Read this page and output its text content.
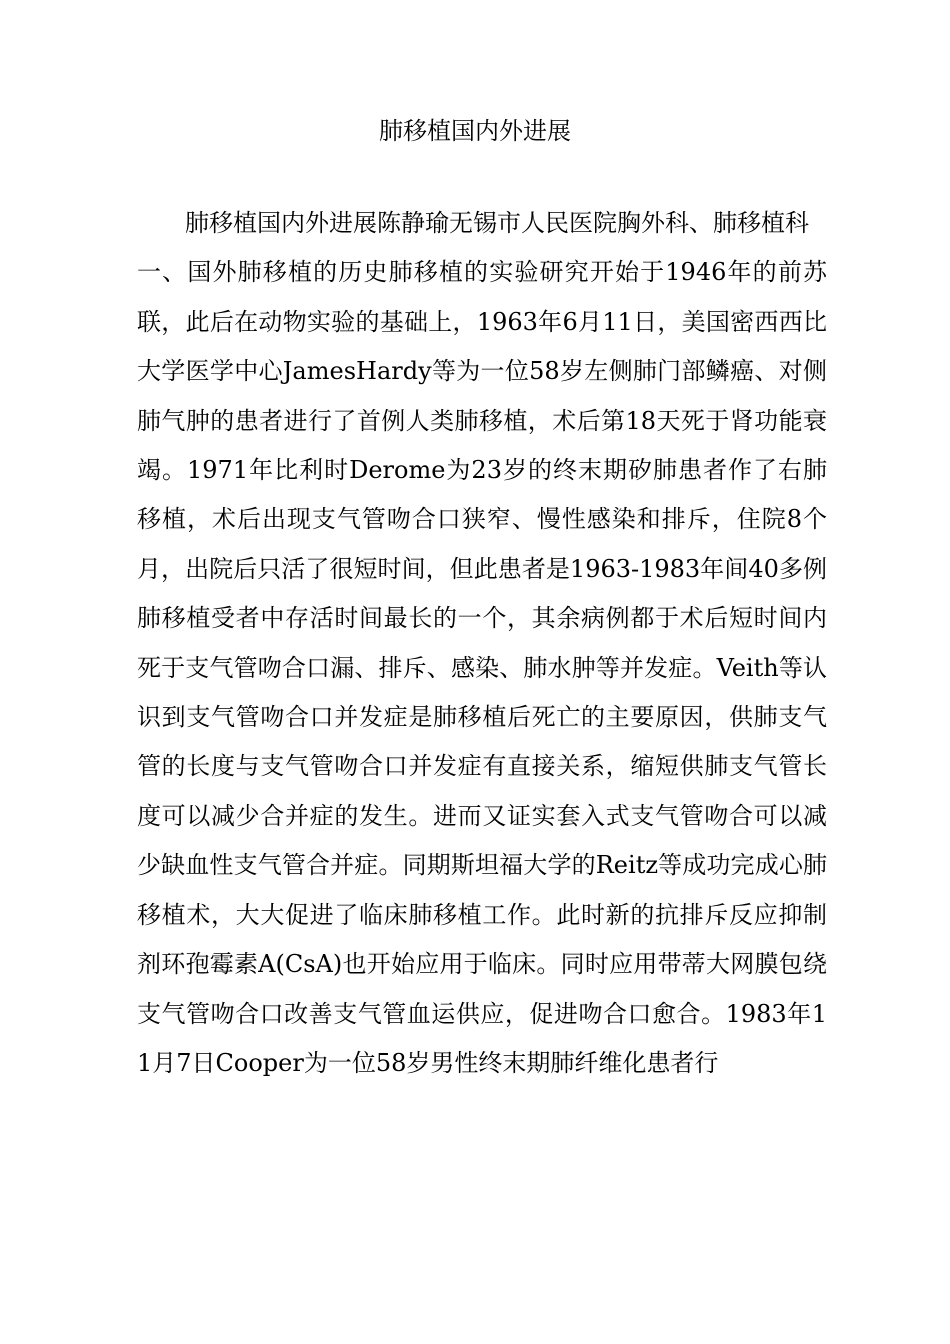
肺移植国内外进展

肺移植国内外进展陈静瑜无锡市人民医院胸外科、肺移植科

一、国外肺移植的历史肺移植的实验研究开始于1946年的前苏联，此后在动物实验的基础上，1963年6月11日，美国密西西比大学医学中心JamesHardy等为一位58岁左侧肺门部鳞癌、对侧肺气肿的患者进行了首例人类肺移植，术后第18天死于肾功能衰竭。1971年比利时Derome为23岁的终末期矽肺患者作了右肺移植，术后出现支气管吻合口狭窄、慢性感染和排斥，住院8个月，出院后只活了很短时间，但此患者是1963-1983年间40多例肺移植受者中存活时间最长的一个，其余病例都于术后短时间内死于支气管吻合口漏、排斥、感染、肺水肿等并发症。Veith等认识到支气管吻合口并发症是肺移植后死亡的主要原因，供肺支气管的长度与支气管吻合口并发症有直接关系，缩短供肺支气管长度可以减少合并症的发生。进而又证实套入式支气管吻合可以减少缺血性支气管合并症。同期斯坦福大学的Reitz等成功完成心肺移植术，大大促进了临床肺移植工作。此时新的抗排斥反应抑制剂环孢霉素A(CsA)也开始应用于临床。同时应用带蒂大网膜包绕支气管吻合口改善支气管血运供应，促进吻合口愈合。1983年11月7日Cooper为一位58岁男性终末期肺纤维化患者行
